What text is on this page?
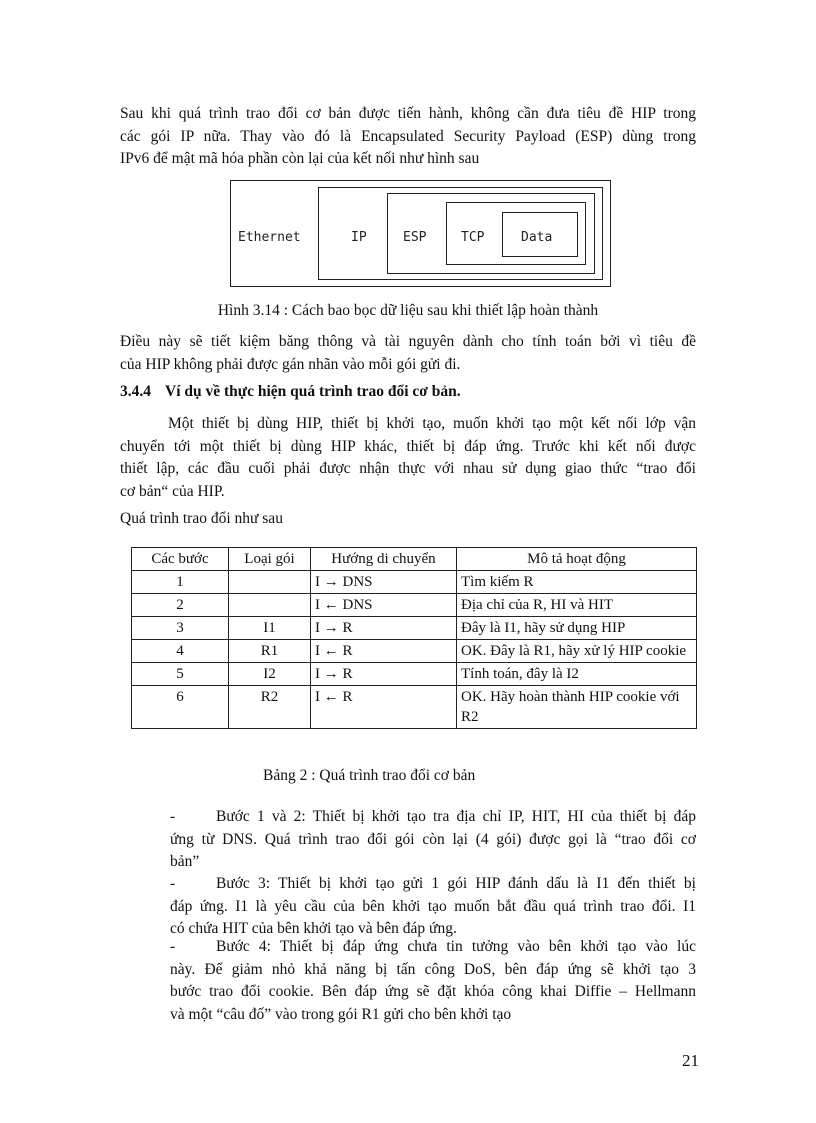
Sau khi quá trình trao đổi cơ bản được tiến hành, không cần đưa tiêu đề HIP trong
các gói IP nữa. Thay vào đó là Encapsulated Security Payload (ESP) dùng trong
IPv6 để mật mã hóa phần còn lại của kết nối như hình sau
Ethernet	IP	ESP	TCP	Data
Hình 3.14 : Cách bao bọc dữ liệu sau khi thiết lập hoàn thành
Điều này sẽ tiết kiệm băng thông và tài nguyên dành cho tính toán bởi vì tiêu đề
của HIP không phải được gán nhãn vào mỗi gói gửi đi.
3.4.4 Ví dụ về thực hiện quá trình trao đổi cơ bản.
Một thiết bị dùng HIP, thiết bị khởi tạo, muốn khởi tạo một kết nối lớp vận
chuyển tới một thiết bị dùng HIP khác, thiết bị đáp ứng. Trước khi kết nối được
thiết lập, các đầu cuối phải được nhận thực với nhau sử dụng giao thức “trao đổi
cơ bản“ của HIP.
Quá trình trao đổi như sau
Các bước	Loại gói	Hướng di chuyển	Mô tả hoạt động
1		I → DNS	Tìm kiếm R
2		I ← DNS	Địa chỉ của R, HI và HIT
3	I1	I → R	Đây là I1, hãy sử dụng HIP
4	R1	I ← R	OK. Đây là R1, hãy xử lý HIP cookie
5	I2	I → R	Tính toán, đây là I2
6	R2	I ← R	OK. Hãy hoàn thành HIP cookie với R2
Bảng 2 : Quá trình trao đổi cơ bản
-	Bước 1 và 2: Thiết bị khởi tạo tra địa chỉ IP, HIT, HI của thiết bị đáp
ứng từ DNS. Quá trình trao đổi gói còn lại (4 gói) được gọi là “trao đổi cơ
bản”
-	Bước 3: Thiết bị khởi tạo gửi 1 gói HIP đánh dấu là I1 đến thiết bị
đáp ứng. I1 là yêu cầu của bên khởi tạo muốn bắt đầu quá trình trao đổi. I1
có chứa HIT của bên khởi tạo và bên đáp ứng.
-	Bước 4: Thiết bị đáp ứng chưa tin tưởng vào bên khởi tạo vào lúc
này. Để giảm nhỏ khả năng bị tấn công DoS, bên đáp ứng sẽ khởi tạo 3
bước trao đổi cookie. Bên đáp ứng sẽ đặt khóa công khai Diffie – Hellmann
và một “câu đố” vào trong gói R1 gửi cho bên khởi tạo
21
